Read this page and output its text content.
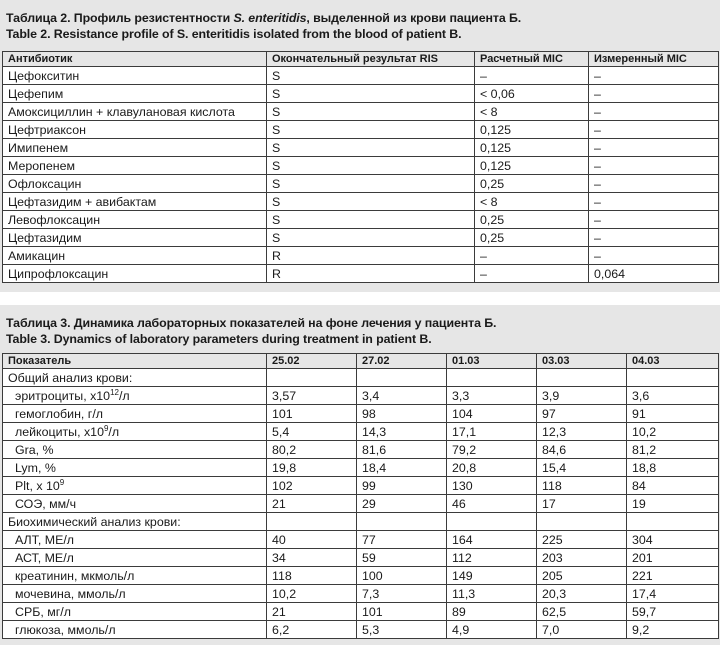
Таблица 2. Профиль резистентности S. enteritidis, выделенной из крови пациента Б.
Table 2. Resistance profile of S. enteritidis isolated from the blood of patient B.
Антибиотик	Окончательный результат RIS	Расчетный MIC	Измеренный MIC
Цефокситин	S	–	–
Цефепим	S	< 0,06	–
Амоксициллин + клавулановая кислота	S	< 8	–
Цефтриаксон	S	0,125	–
Имипенем	S	0,125	–
Меропенем	S	0,125	–
Офлоксацин	S	0,25	–
Цефтазидим + авибактам	S	< 8	–
Левофлоксацин	S	0,25	–
Цефтазидим	S	0,25	–
Амикацин	R	–	–
Ципрофлоксацин	R	–	0,064
Таблица 3. Динамика лабораторных показателей на фоне лечения у пациента Б.
Table 3. Dynamics of laboratory parameters during treatment in patient B.
Показатель	25.02	27.02	01.03	03.03	04.03
Общий анализ крови:					
эритроциты, $х10^{12}/л$	3,57	3,4	3,3	3,9	3,6
гемоглобин, г/л	101	98	104	97	91
лейкоциты, $х10^9/л$	5,4	14,3	17,1	12,3	10,2
Gra, %	80,2	81,6	79,2	84,6	81,2
Lym, %	19,8	18,4	20,8	15,4	18,8
Plt, х $10^9$	102	99	130	118	84
СОЭ, мм/ч	21	29	46	17	19
Биохимический анализ крови:					
АЛТ, МЕ/л	40	77	164	225	304
АСТ, МЕ/л	34	59	112	203	201
креатинин, мкмоль/л	118	100	149	205	221
мочевина, ммоль/л	10,2	7,3	11,3	20,3	17,4
СРБ, мг/л	21	101	89	62,5	59,7
глюкоза, ммоль/л	6,2	5,3	4,9	7,0	9,2
